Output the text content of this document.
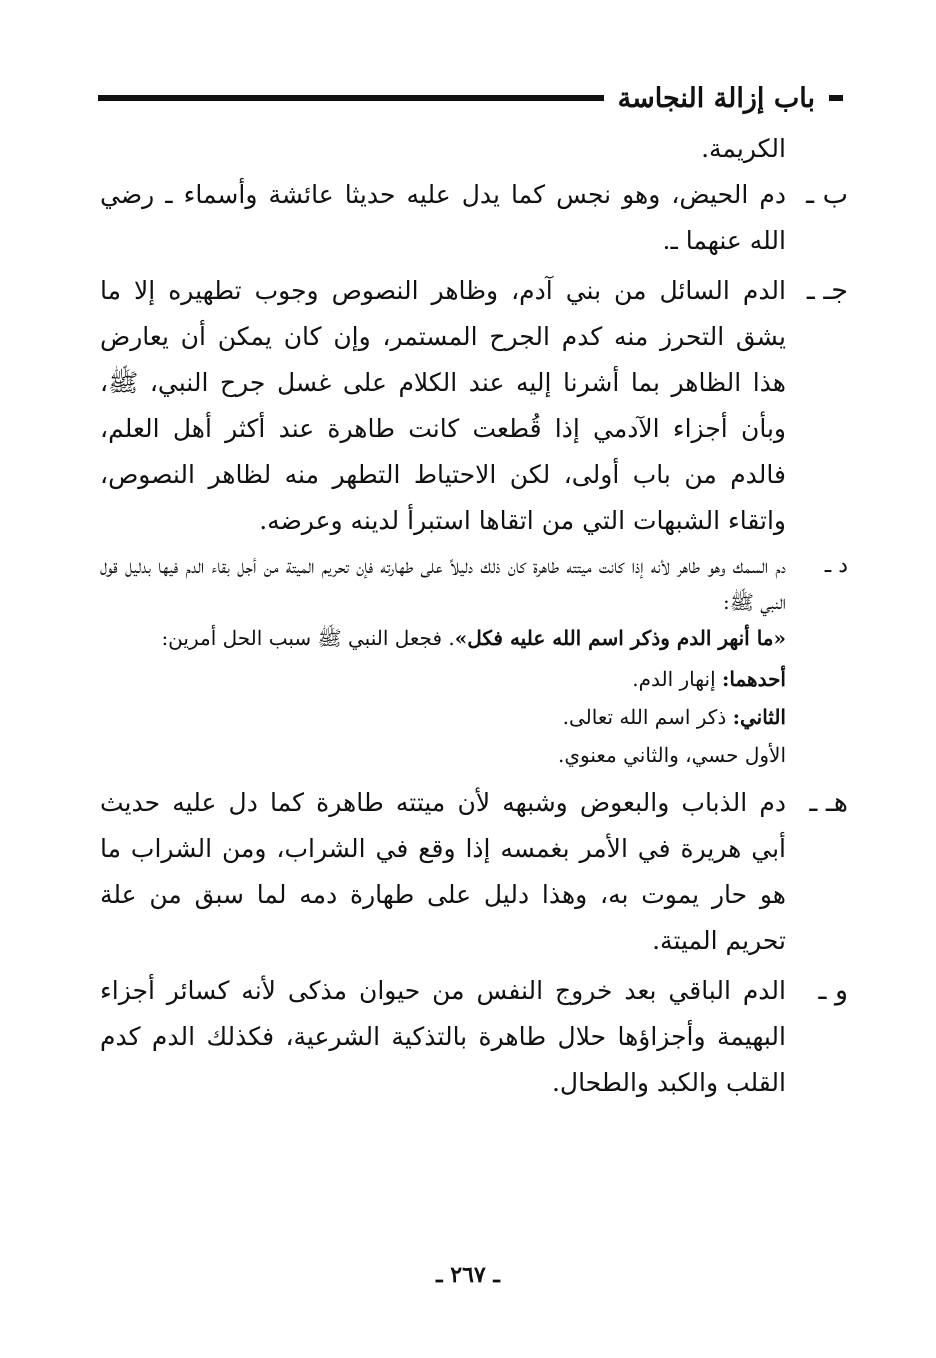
باب إزالة النجاسة
الكريمة.
ب ـ
دم الحيض، وهو نجس كما يدل عليه حديثا عائشة وأسماء ـ رضي الله عنهما ـ.
جـ ـ
الدم السائل من بني آدم، وظاهر النصوص وجوب تطهيره إلا ما يشق التحرز منه كدم الجرح المستمر، وإن كان يمكن أن يعارض هذا الظاهر بما أشرنا إليه عند الكلام على غسل جرح النبي، ﷺ، وبأن أجزاء الآدمي إذا قُطعت كانت طاهرة عند أكثر أهل العلم، فالدم من باب أولى، لكن الاحتياط التطهر منه لظاهر النصوص، واتقاء الشبهات التي من اتقاها استبرأ لدينه وعرضه.
د ـ
دم السمك وهو طاهر لأنه إذا كانت ميتته طاهرة كان ذلك دليلاً على طهارته فإن تحريم الميتة من أجل بقاء الدم فيها بدليل قول النبي ﷺ:
«ما أنهر الدم وذكر اسم الله عليه فكل». فجعل النبي ﷺ سبب الحل أمرين:
أحدهما: إنهار الدم.
الثاني: ذكر اسم الله تعالى.
الأول حسي، والثاني معنوي.
هـ ـ
دم الذباب والبعوض وشبهه لأن ميتته طاهرة كما دل عليه حديث أبي هريرة في الأمر بغمسه إذا وقع في الشراب، ومن الشراب ما هو حار يموت به، وهذا دليل على طهارة دمه لما سبق من علة تحريم الميتة.
و ـ
الدم الباقي بعد خروج النفس من حيوان مذكى لأنه كسائر أجزاء البهيمة وأجزاؤها حلال طاهرة بالتذكية الشرعية، فكذلك الدم كدم القلب والكبد والطحال.
ـ ٢٦٧ ـ
